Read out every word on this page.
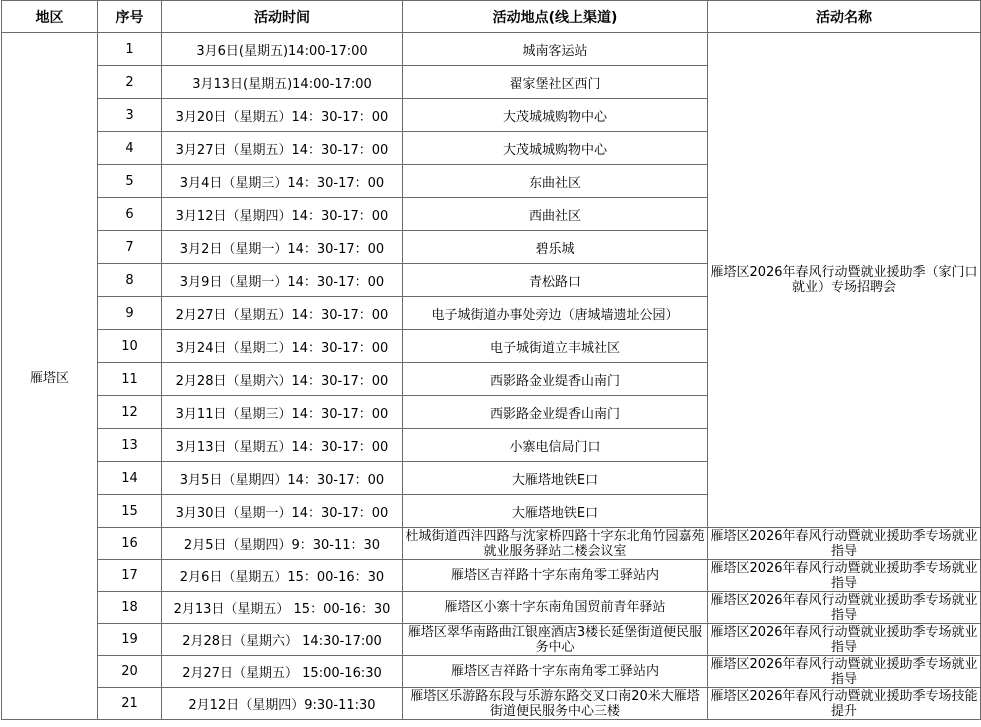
地区	序号	活动时间	活动地点(线上渠道)	活动名称
雁塔区	1	3月6日(星期五)14:00-17:00	城南客运站	雁塔区2026年春风行动暨就业援助季（家门口就业）专场招聘会
	2	3月13日(星期五)14:00-17:00	翟家堡社区西门	
	3	3月20日（星期五）14：30-17：00	大茂城城购物中心	
	4	3月27日（星期五）14：30-17：00	大茂城城购物中心	
	5	3月4日（星期三）14：30-17：00	东曲社区	
	6	3月12日（星期四）14：30-17：00	西曲社区	
	7	3月2日（星期一）14：30-17：00	碧乐城	
	8	3月9日（星期一）14：30-17：00	青松路口	
	9	2月27日（星期五）14：30-17：00	电子城街道办事处旁边（唐城墙遗址公园）	
	10	3月24日（星期二）14：30-17：00	电子城街道立丰城社区	
	11	2月28日（星期六）14：30-17：00	西影路金业缇香山南门	
	12	3月11日（星期三）14：30-17：00	西影路金业缇香山南门	
	13	3月13日（星期五）14：30-17：00	小寨电信局门口	
	14	3月5日（星期四）14：30-17：00	大雁塔地铁E口	
	15	3月30日（星期一）14：30-17：00	大雁塔地铁E口	
	16	2月5日（星期四）9：30-11：30	杜城街道西沣四路与沈家桥四路十字东北角竹园嘉苑就业服务驿站二楼会议室	雁塔区2026年春风行动暨就业援助季专场就业指导

	17	2月6日（星期五）15：00-16：30	雁塔区吉祥路十字东南角零工驿站内	雁塔区2026年春风行动暨就业援助季专场就业指导

	18	2月13日（星期五） 15：00-16：30	雁塔区小寨十字东南角国贸前青年驿站	雁塔区2026年春风行动暨就业援助季专场就业指导

	19	2月28日（星期六） 14:30-17:00	雁塔区翠华南路曲江银座酒店3楼长延堡街道便民服务中心	雁塔区2026年春风行动暨就业援助季专场就业指导

	20	2月27日（星期五） 15:00-16:30	雁塔区吉祥路十字东南角零工驿站内	雁塔区2026年春风行动暨就业援助季专场就业指导

	21	2月12日（星期四）9:30-11:30	雁塔区乐游路东段与乐游东路交叉口南20米大雁塔街道便民服务中心三楼	雁塔区2026年春风行动暨就业援助季专场技能提升
